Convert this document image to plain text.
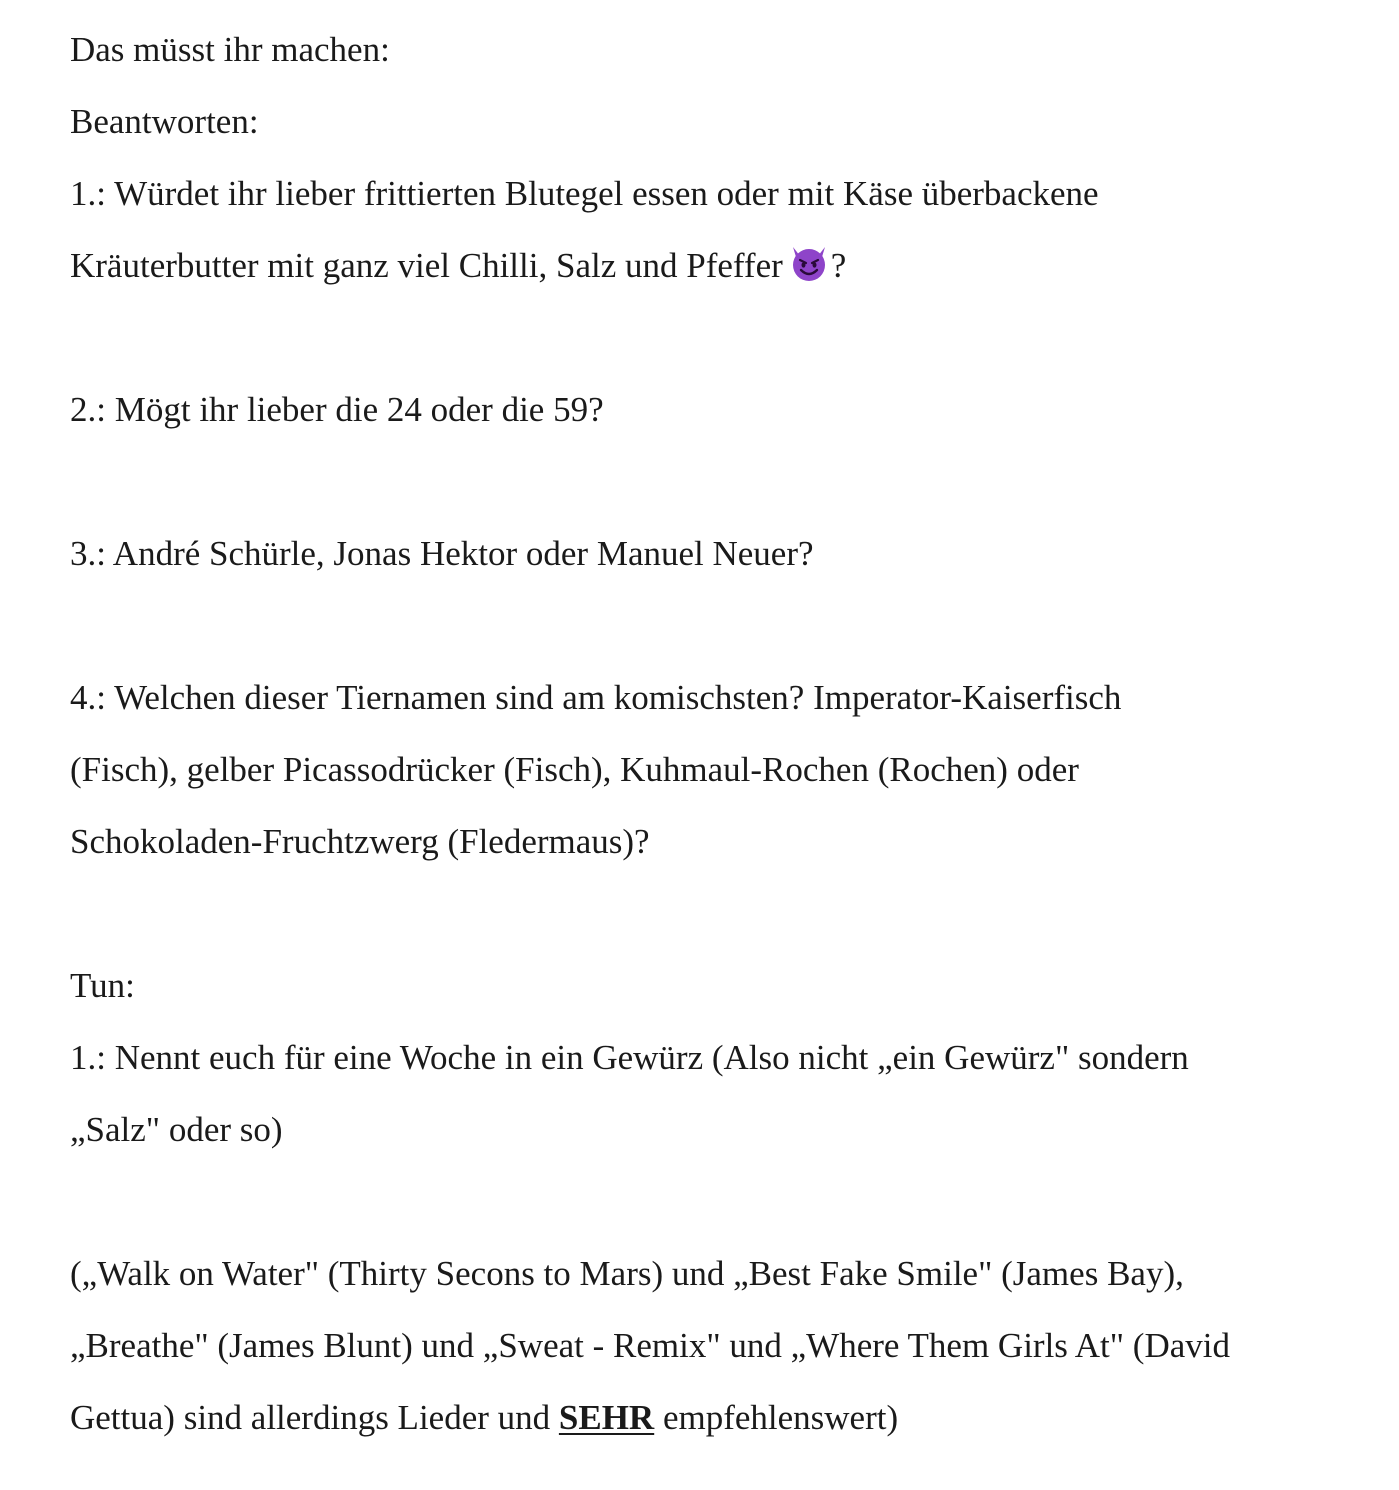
Das müsst ihr machen:

Beantworten:

1.: Würdet ihr lieber frittierten Blutegel essen oder mit Käse überbackene

Kräuterbutter mit ganz viel Chilli, Salz und Pfeffer ?

2.: Mögt ihr lieber die 24 oder die 59?

3.: André Schürle, Jonas Hektor oder Manuel Neuer?

4.: Welchen dieser Tiernamen sind am komischsten? Imperator-Kaiserfisch

(Fisch), gelber Picassodrücker (Fisch), Kuhmaul-Rochen (Rochen) oder

Schokoladen-Fruchtzwerg (Fledermaus)?

Tun:

1.: Nennt euch für eine Woche in ein Gewürz (Also nicht „ein Gewürz" sondern

„Salz" oder so)

(„Walk on Water" (Thirty Secons to Mars) und „Best Fake Smile" (James Bay),

„Breathe" (James Blunt) und „Sweat - Remix" und „Where Them Girls At" (David

Gettua) sind allerdings Lieder und SEHR empfehlenswert)
